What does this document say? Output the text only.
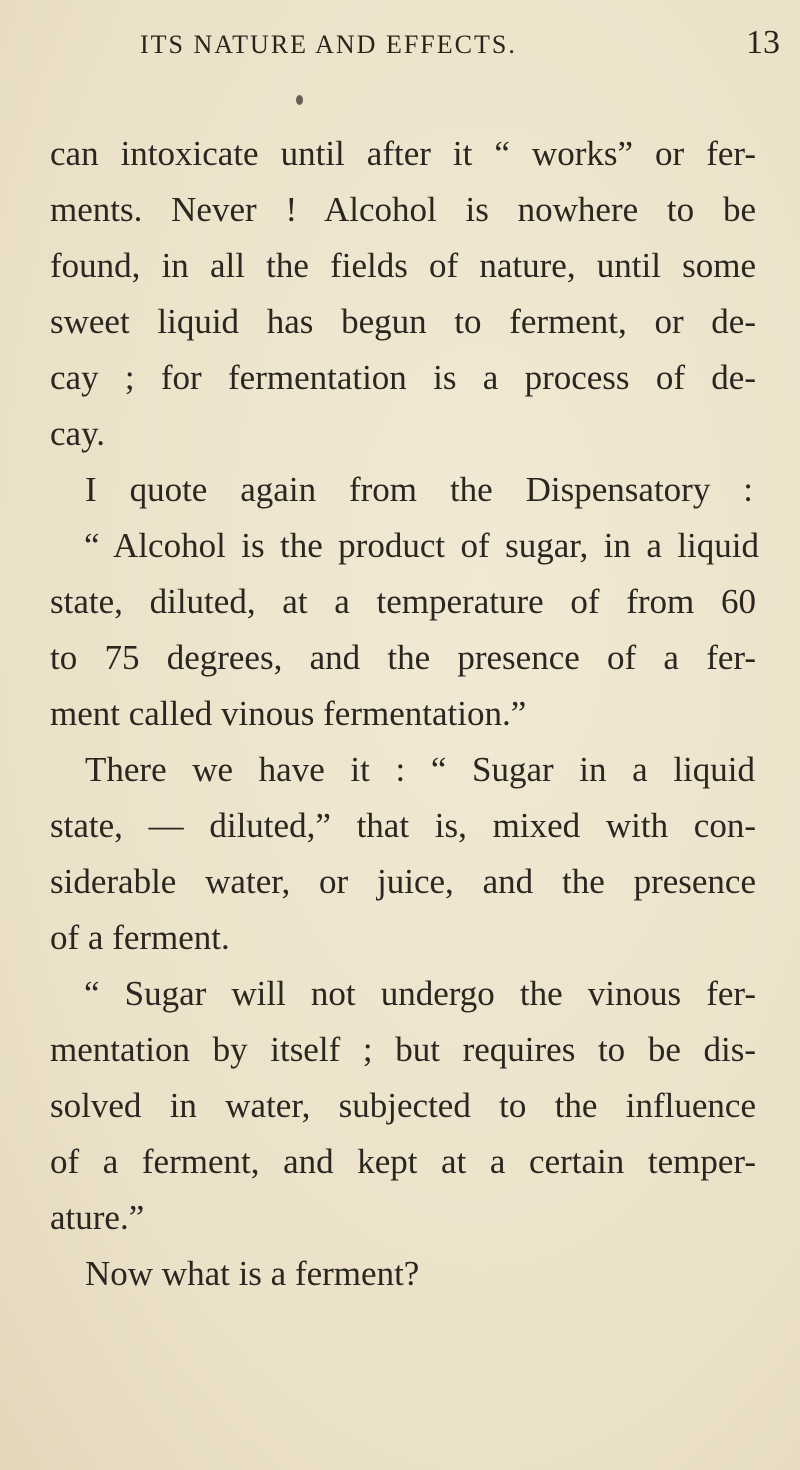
ITS NATURE AND EFFECTS.	13
can intoxicate until after it “ works” or fer-
ments. Never ! Alcohol is nowhere to be
found, in all the fields of nature, until some
sweet liquid has begun to ferment, or de-
cay ; for fermentation is a process of de-
cay.
I quote again from the Dispensatory :
“ Alcohol is the product of sugar, in a liquid
state, diluted, at a temperature of from 60
to 75 degrees, and the presence of a fer-
ment called vinous fermentation.”
There we have it : “ Sugar in a liquid
state, — diluted,” that is, mixed with con-
siderable water, or juice, and the presence
of a ferment.
“ Sugar will not undergo the vinous fer-
mentation by itself ; but requires to be dis-
solved in water, subjected to the influence
of a ferment, and kept at a certain temper-
ature.”
Now what is a ferment?
